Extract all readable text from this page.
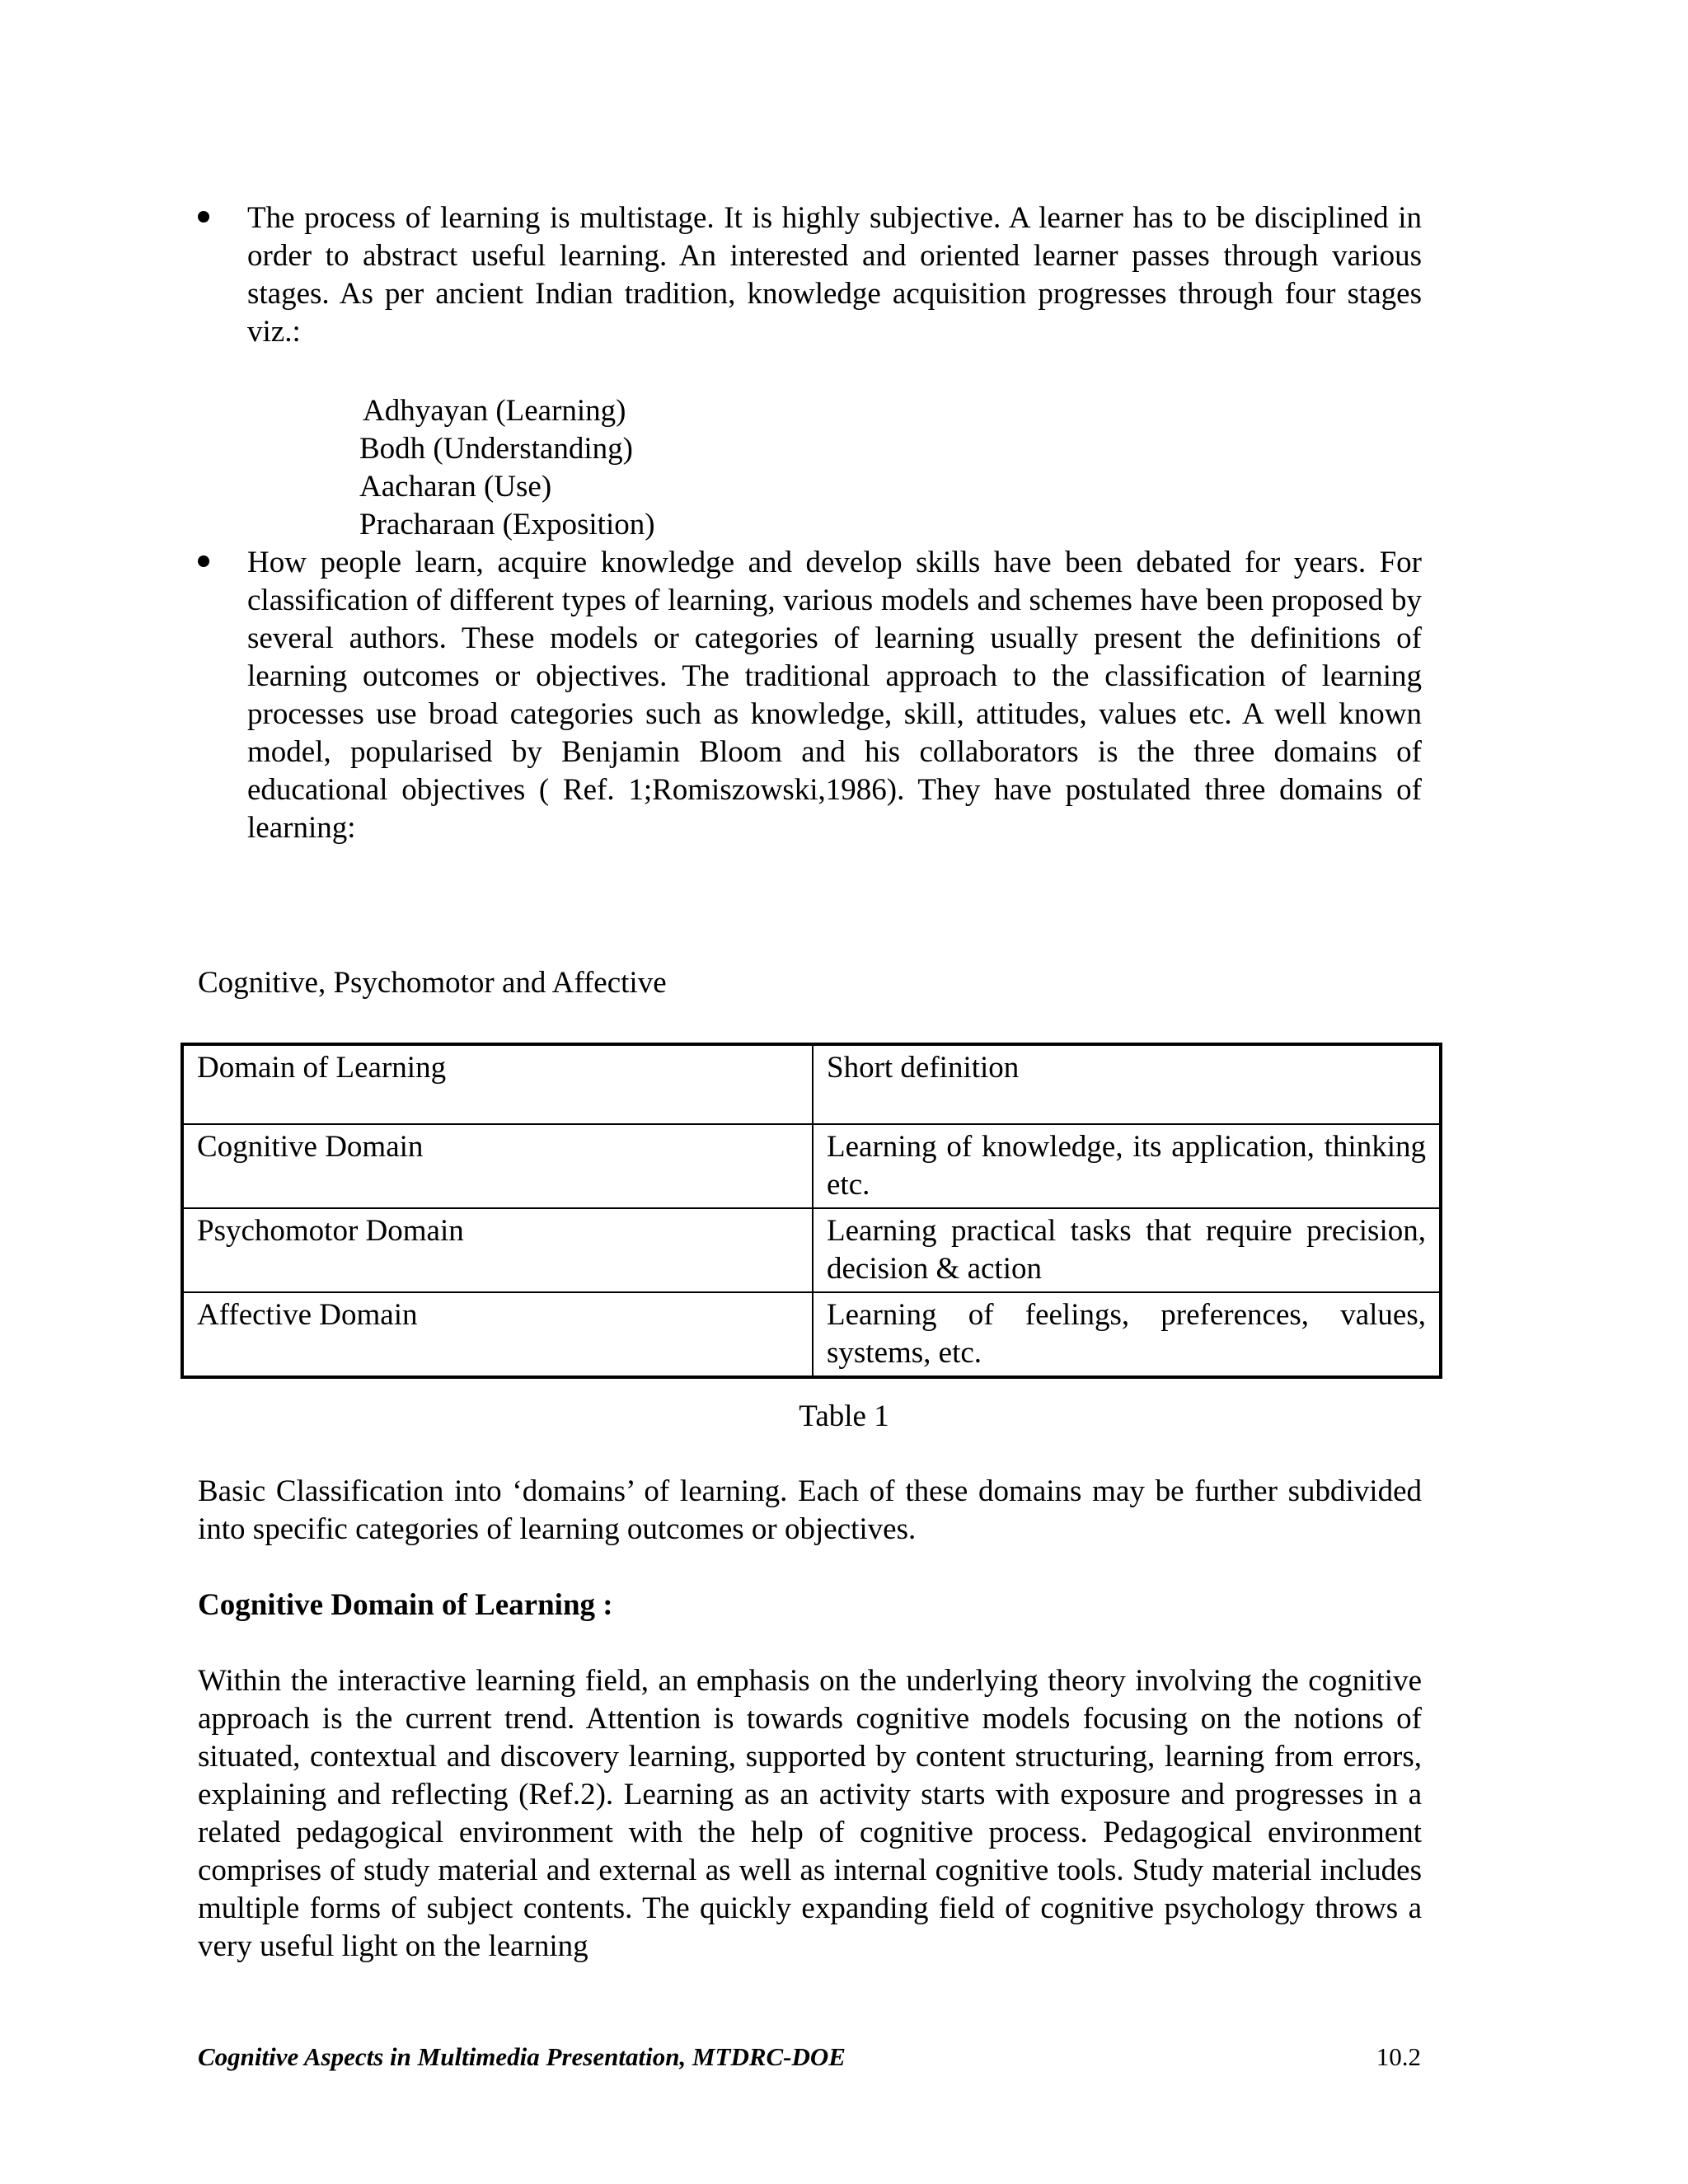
The process of learning is multistage. It is highly subjective. A learner has to be disciplined in order to abstract useful learning. An interested and oriented learner passes through various stages. As per ancient Indian tradition, knowledge acquisition progresses through four stages viz.:
Adhyayan (Learning)
Bodh (Understanding)
Aacharan (Use)
Pracharaan (Exposition)
How people learn, acquire knowledge and develop skills have been debated for years. For classification of different types of learning, various models and schemes have been proposed by several authors. These models or categories of learning usually present the definitions of learning outcomes or objectives. The traditional approach to the classification of learning processes use broad categories such as knowledge, skill, attitudes, values etc. A well known model, popularised by Benjamin Bloom and his collaborators is the three domains of educational objectives ( Ref. 1;Romiszowski,1986). They have postulated three domains of learning:
Cognitive, Psychomotor and Affective
Domain of Learning	Short definition
Cognitive Domain	Learning of knowledge, its application, thinking etc.
Psychomotor Domain	Learning practical tasks that require precision, decision & action
Affective Domain	Learning of feelings, preferences, values, systems, etc.
Table 1
Basic Classification into ‘domains’ of learning. Each of these domains may be further subdivided into specific categories of learning outcomes or objectives.
Cognitive Domain of Learning :
Within the interactive learning field, an emphasis on the underlying theory involving the cognitive approach is the current trend. Attention is towards cognitive models focusing on the notions of situated, contextual and discovery learning, supported by content structuring, learning from errors, explaining and reflecting (Ref.2). Learning as an activity starts with exposure and progresses in a related pedagogical environment with the help of cognitive process. Pedagogical environment comprises of study material and external as well as internal cognitive tools. Study material includes multiple forms of subject contents. The quickly expanding field of cognitive psychology throws a very useful light on the learning
Cognitive Aspects in Multimedia Presentation, MTDRC-DOE	10.2
